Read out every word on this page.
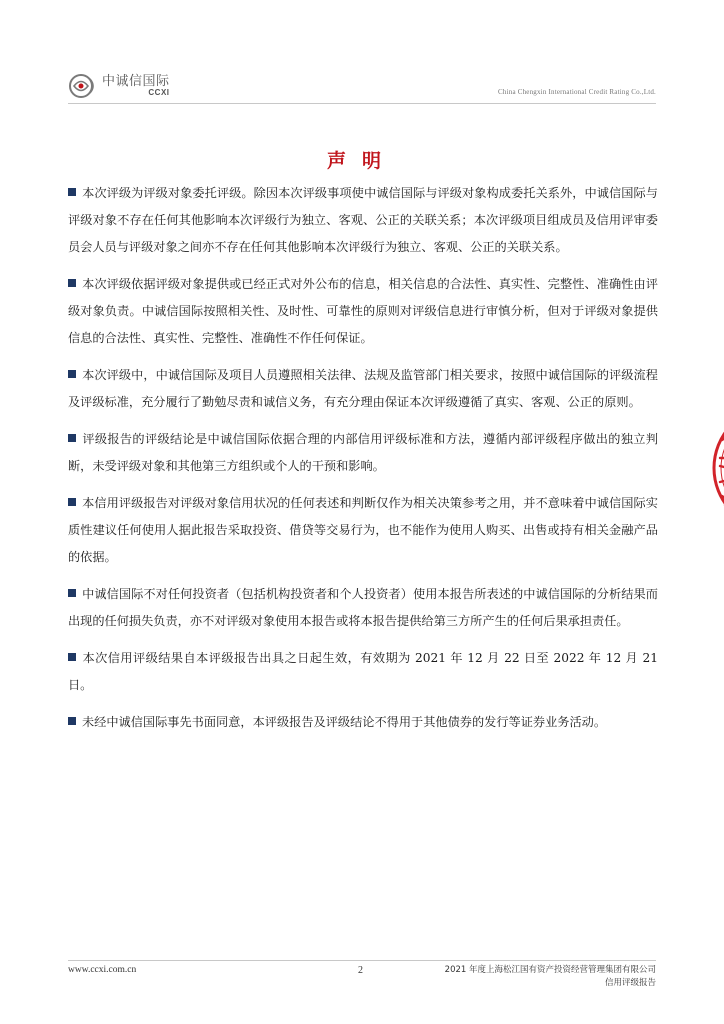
中诚信国际
CCXI	China Chengxin International Credit Rating Co.,Ltd.
声明

本次评级为评级对象委托评级。除因本次评级事项使中诚信国际与评级对象构成委托关系外，中诚信国际与评级对象不存在任何其他影响本次评级行为独立、客观、公正的关联关系；本次评级项目组成员及信用评审委员会人员与评级对象之间亦不存在任何其他影响本次评级行为独立、客观、公正的关联关系。

本次评级依据评级对象提供或已经正式对外公布的信息，相关信息的合法性、真实性、完整性、准确性由评级对象负责。中诚信国际按照相关性、及时性、可靠性的原则对评级信息进行审慎分析，但对于评级对象提供信息的合法性、真实性、完整性、准确性不作任何保证。

本次评级中，中诚信国际及项目人员遵照相关法律、法规及监管部门相关要求，按照中诚信国际的评级流程及评级标准，充分履行了勤勉尽责和诚信义务，有充分理由保证本次评级遵循了真实、客观、公正的原则。

评级报告的评级结论是中诚信国际依据合理的内部信用评级标准和方法，遵循内部评级程序做出的独立判断，未受评级对象和其他第三方组织或个人的干预和影响。

本信用评级报告对评级对象信用状况的任何表述和判断仅作为相关决策参考之用，并不意味着中诚信国际实质性建议任何使用人据此报告采取投资、借贷等交易行为，也不能作为使用人购买、出售或持有相关金融产品的依据。

中诚信国际不对任何投资者（包括机构投资者和个人投资者）使用本报告所表述的中诚信国际的分析结果而出现的任何损失负责，亦不对评级对象使用本报告或将本报告提供给第三方所产生的任何后果承担责任。

本次信用评级结果自本评级报告出具之日起生效，有效期为 2021 年 12 月 22 日至 2022 年 12 月 21 日。

未经中诚信国际事先书面同意，本评级报告及评级结论不得用于其他债券的发行等证券业务活动。

www.ccxi.com.cn	2	2021 年度上海松江国有资产投资经营管理集团有限公司
信用评级报告
